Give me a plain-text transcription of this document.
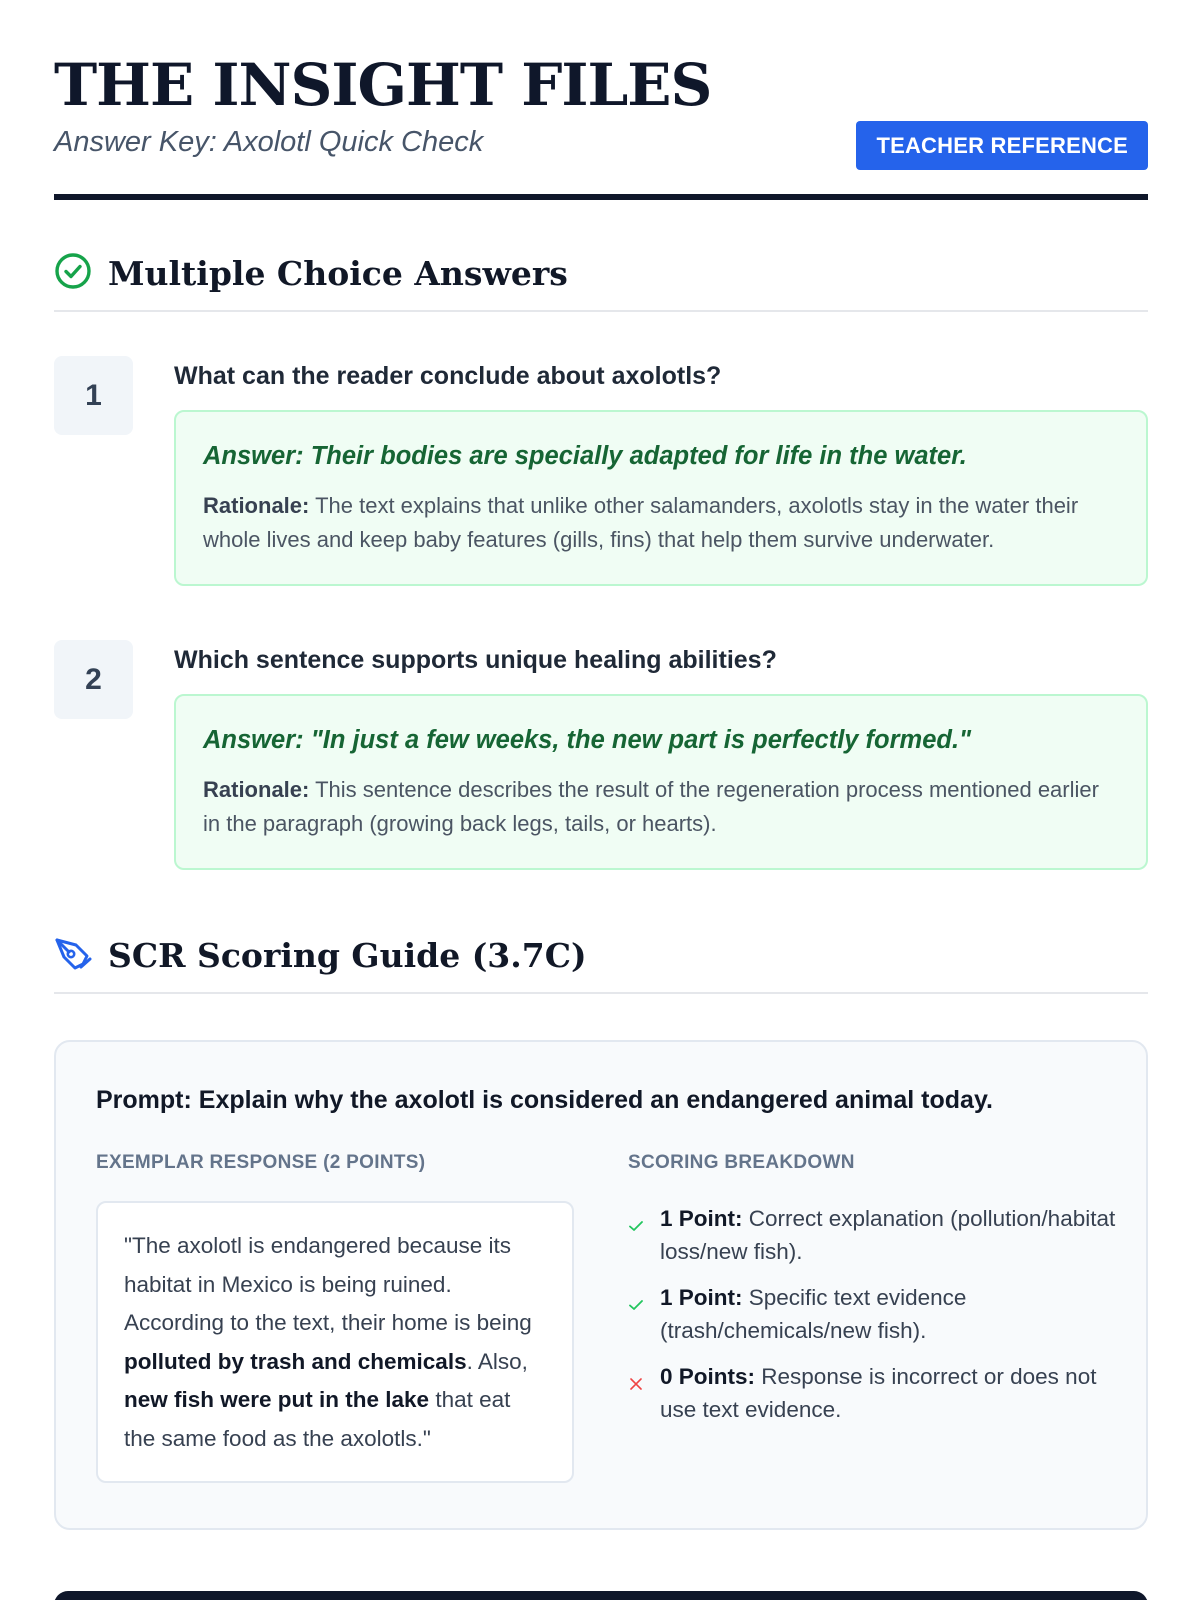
THE INSIGHT FILES
Answer Key: Axolotl Quick Check	TEACHER REFERENCE
Multiple Choice Answers
1
What can the reader conclude about axolotls?
Answer: Their bodies are specially adapted for life in the water.
Rationale: The text explains that unlike other salamanders, axolotls stay in the water their whole lives and keep baby features (gills, fins) that help them survive underwater.
2
Which sentence supports unique healing abilities?
Answer: "In just a few weeks, the new part is perfectly formed."
Rationale: This sentence describes the result of the regeneration process mentioned earlier in the paragraph (growing back legs, tails, or hearts).
SCR Scoring Guide (3.7C)
Prompt: Explain why the axolotl is considered an endangered animal today.
EXEMPLAR RESPONSE (2 POINTS)	SCORING BREAKDOWN
"The axolotl is endangered because its habitat in Mexico is being ruined. According to the text, their home is being polluted by trash and chemicals. Also, new fish were put in the lake that eat the same food as the axolotls."
1 Point: Correct explanation (pollution/habitat loss/new fish).
1 Point: Specific text evidence (trash/chemicals/new fish).
0 Points: Response is incorrect or does not use text evidence.
